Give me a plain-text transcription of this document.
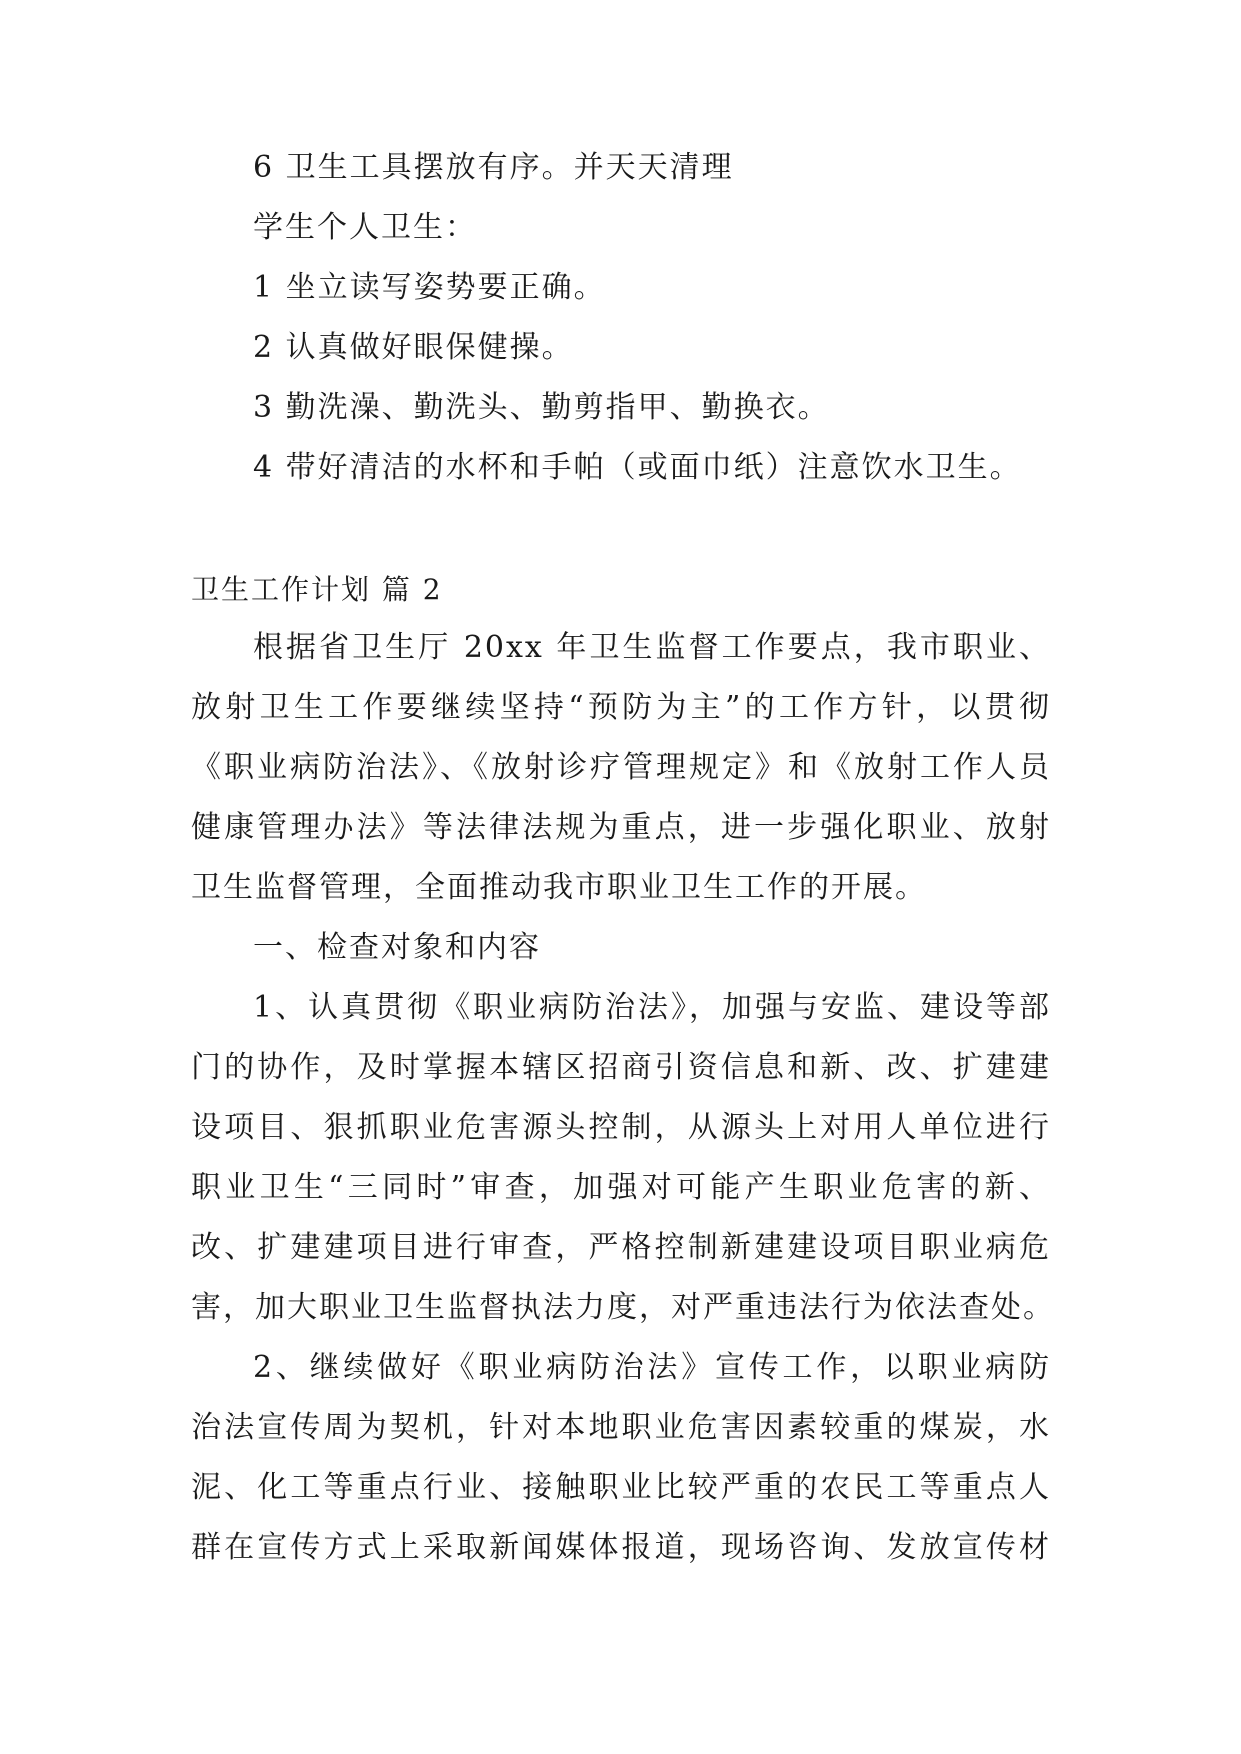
6 卫生工具摆放有序。并天天清理
学生个人卫生：
1 坐立读写姿势要正确。
2 认真做好眼保健操。
3 勤洗澡、勤洗头、勤剪指甲、勤换衣。
4 带好清洁的水杯和手帕（或面巾纸）注意饮水卫生。
卫生工作计划 篇 2
根据省卫生厅 20xx 年卫生监督工作要点，我市职业、
放射卫生工作要继续坚持“预防为主”的工作方针，以贯彻
《职业病防治法》、《放射诊疗管理规定》和《放射工作人员
健康管理办法》等法律法规为重点，进一步强化职业、放射
卫生监督管理，全面推动我市职业卫生工作的开展。
一、检查对象和内容
1、认真贯彻《职业病防治法》，加强与安监、建设等部
门的协作，及时掌握本辖区招商引资信息和新、改、扩建建
设项目、狠抓职业危害源头控制，从源头上对用人单位进行
职业卫生“三同时”审查，加强对可能产生职业危害的新、
改、扩建建项目进行审查，严格控制新建建设项目职业病危
害，加大职业卫生监督执法力度，对严重违法行为依法查处。
2、继续做好《职业病防治法》宣传工作，以职业病防
治法宣传周为契机，针对本地职业危害因素较重的煤炭，水
泥、化工等重点行业、接触职业比较严重的农民工等重点人
群在宣传方式上采取新闻媒体报道，现场咨询、发放宣传材
